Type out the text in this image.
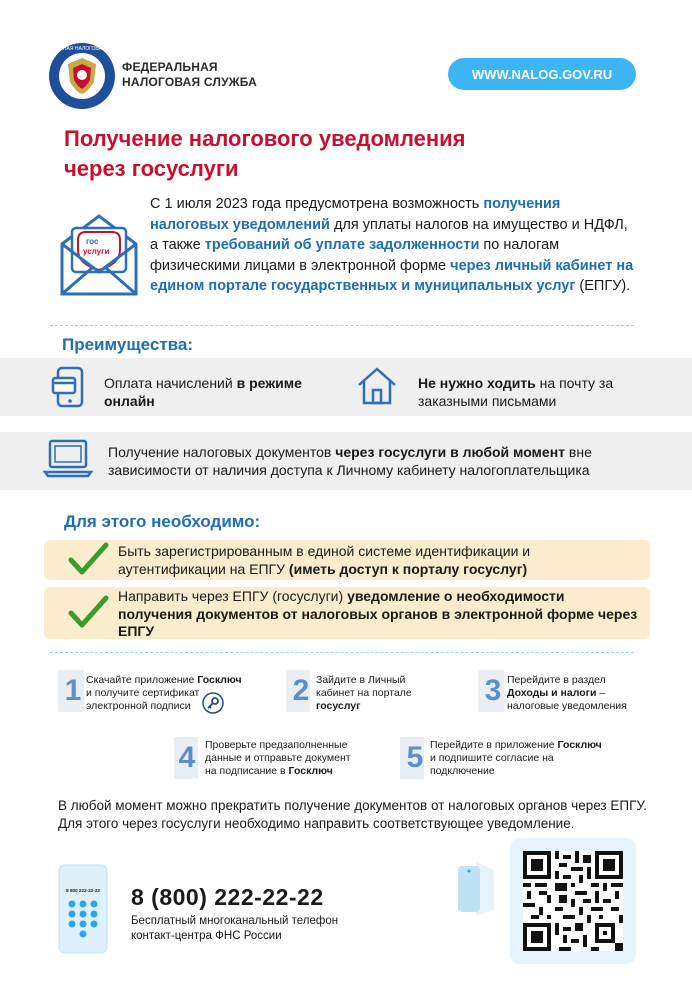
ФЕДЕРАЛЬНАЯ НАЛОГОВАЯ СЛУЖБА
ФЕДЕРАЛЬНАЯ
НАЛОГОВАЯ СЛУЖБА
WWW.NALOG.GOV.RU
Получение налогового уведомления
через госуслуги
гос
услуги
С 1 июля 2023 года предусмотрена возможность получения налоговых уведомлений для уплаты налогов на имущество и НДФЛ, а также требований об уплате задолженности по налогам физическими лицами в электронной форме через личный кабинет на едином портале государственных и муниципальных услуг (ЕПГУ).
Преимущества:
Оплата начислений в режиме онлайн
Не нужно ходить на почту за заказными письмами
Получение налоговых документов через госуслуги в любой момент вне зависимости от наличия доступа к Личному кабинету налогоплательщика
Для этого необходимо:
Быть зарегистрированным в единой системе идентификации и аутентификации на ЕПГУ (иметь доступ к порталу госуслуг)
Направить через ЕПГУ (госуслуги) уведомление о необходимости получения документов от налоговых органов в электронной форме через ЕПГУ
1 Скачайте приложение Госключ и получите сертификат электронной подписи	2 Зайдите в Личный кабинет на портале госуслуг	3 Перейдите в раздел Доходы и налоги – налоговые уведомления
4 Проверьте предзаполненные данные и отправьте документ на подписание в Госключ	5 Перейдите в приложение Госключ и подпишите согласие на подключение
В любой момент можно прекратить получение документов от налоговых органов через ЕПГУ. Для этого через госуслуги необходимо направить соответствующее уведомление.
8 800 222-22-22 8 (800) 222-22-22
Бесплатный многоканальный телефон
контакт-центра ФНС России
